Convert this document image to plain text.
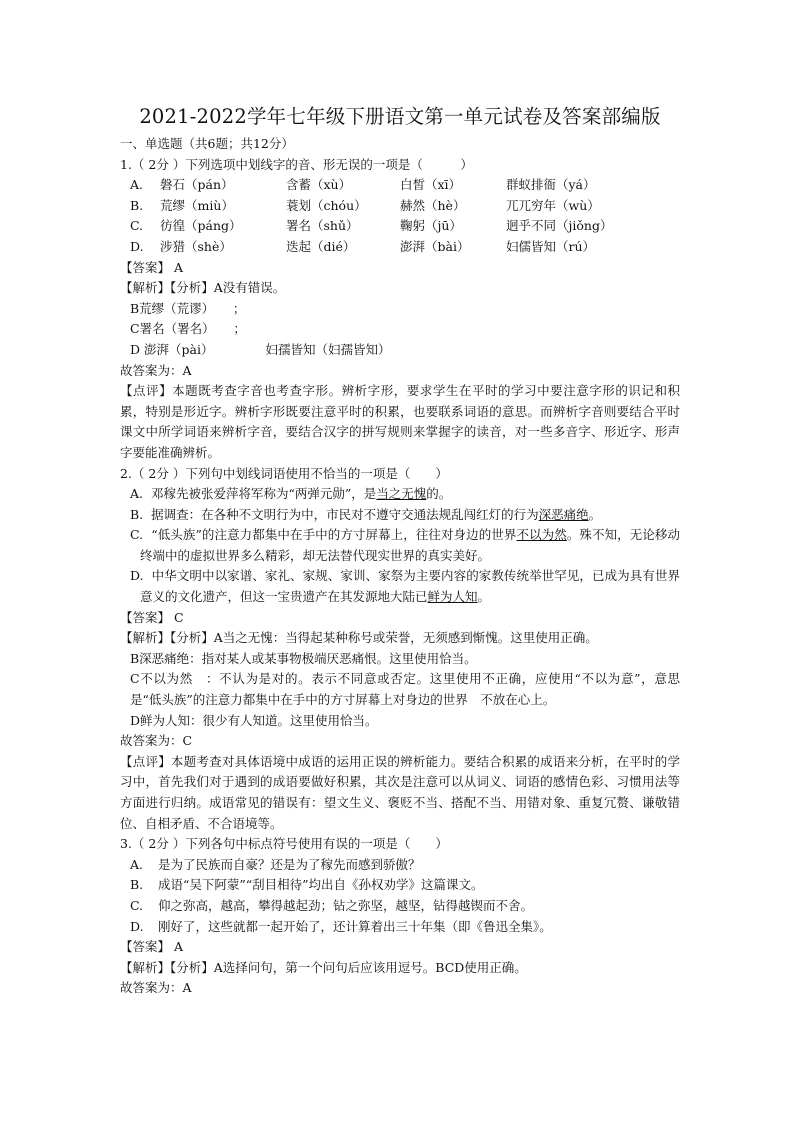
2021-2022学年七年级下册语文第一单元试卷及答案部编版
一、单选题（共6题；共12分）
1.（ 2分 ）下列选项中划线字的音、形无误的一项是（　　　）
A.	磐石（pán）	含蓄（xù）	白皙（xī）	群蚁排衙（yá）
B.	荒缪（miù）	蓑划（chóu）	赫然（hè）	兀兀穷年（wù）
C.	彷徨（páng）	署名（shǔ）	鞠躬（jū）	迥乎不同（jiǒng）
D.	涉猎（shè）	迭起（dié）	澎湃（bài）	妇儒皆知（rú）
【答案】 A
【解析】【分析】A没有错误。
B荒缪（荒谬）　　；
C署名（署名）　　；
D 澎湃（pài）	妇孺皆知（妇孺皆知）
故答案为：A
【点评】本题既考查字音也考查字形。辨析字形，要求学生在平时的学习中要注意字形的识记和积累，特别是形近字。辨析字形既要注意平时的积累，也要联系词语的意思。而辨析字音则要结合平时课文中所学词语来辨析字音，要结合汉字的拼写规则来掌握字的读音，对一些多音字、形近字、形声字要能准确辨析。
2.（ 2分 ）下列句中划线词语使用不恰当的一项是（　　）
A. 邓稼先被张爱萍将军称为“两弹元勋”，是当之无愧的。
B. 据调查：在各种不文明行为中，市民对不遵守交通法规乱闯红灯的行为深恶痛绝。
C. “低头族”的注意力都集中在手中的方寸屏幕上，往往对身边的世界不以为然。殊不知，无论移动终端中的虚拟世界多么精彩，却无法替代现实世界的真实美好。
D. 中华文明中以家谱、家礼、家规、家训、家祭为主要内容的家教传统举世罕见，已成为具有世界意义的文化遗产，但这一宝贵遗产在其发源地大陆已鲜为人知。
【答案】 C
【解析】【分析】A当之无愧：当得起某种称号或荣誉，无须感到惭愧。这里使用正确。
B深恶痛绝：指对某人或某事物极端厌恶痛恨。这里使用恰当。
C不以为然　：不认为是对的。表示不同意或否定。这里使用不正确，应使用“不以为意”，意思是“低头族”的注意力都集中在手中的方寸屏幕上对身边的世界　不放在心上。
D鲜为人知：很少有人知道。这里使用恰当。
故答案为：C
【点评】本题考查对具体语境中成语的运用正误的辨析能力。要结合积累的成语来分析，在平时的学习中，首先我们对于遇到的成语要做好积累，其次是注意可以从词义、词语的感情色彩、习惯用法等方面进行归纳。成语常见的错误有：望文生义、褒贬不当、搭配不当、用错对象、重复冗赘、谦敬错位、自相矛盾、不合语境等。
3.（ 2分 ）下列各句中标点符号使用有误的一项是（　　）
A. 是为了民族而自豪？还是为了稼先而感到骄傲？
B. 成语“吴下阿蒙”“刮目相待”均出自《孙权劝学》这篇课文。
C. 仰之弥高，越高，攀得越起劲；钻之弥坚，越坚，钻得越锲而不舍。
D. 刚好了，这些就都一起开始了，还计算着出三十年集（即《鲁迅全集》。
【答案】 A
【解析】【分析】A选择问句，第一个问句后应该用逗号。BCD使用正确。
故答案为：A
